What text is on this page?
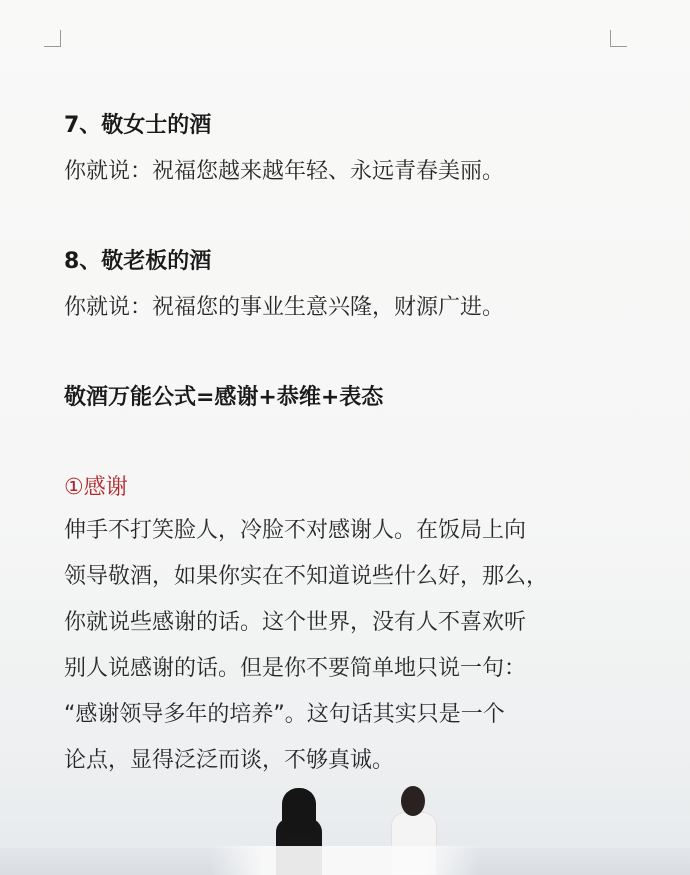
7、敬女士的酒
你就说：祝福您越来越年轻、永远青春美丽。
8、敬老板的酒
你就说：祝福您的事业生意兴隆，财源广进。
敬酒万能公式=感谢+恭维+表态
①感谢
伸手不打笑脸人，冷脸不对感谢人。在饭局上向
领导敬酒，如果你实在不知道说些什么好，那么，
你就说些感谢的话。这个世界，没有人不喜欢听
别人说感谢的话。但是你不要简单地只说一句：
“感谢领导多年的培养”。这句话其实只是一个
论点，显得泛泛而谈，不够真诚。
